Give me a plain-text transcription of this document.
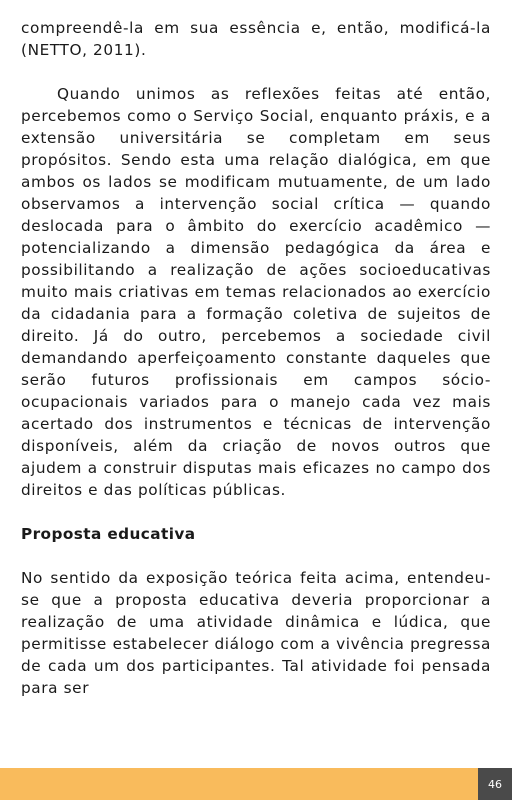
compreendê-la em sua essência e, então, modificá-la (NETTO, 2011).

Quando unimos as reflexões feitas até então, percebemos como o Serviço Social, enquanto práxis, e a extensão universitária se completam em seus propósitos. Sendo esta uma relação dialógica, em que ambos os lados se modificam mutuamente, de um lado observamos a intervenção social crítica — quando deslocada para o âmbito do exercício acadêmico — potencializando a dimensão pedagógica da área e possibilitando a realização de ações socioeducativas muito mais criativas em temas relacionados ao exercício da cidadania para a formação coletiva de sujeitos de direito. Já do outro, percebemos a sociedade civil demandando aperfeiçoamento constante daqueles que serão futuros profissionais em campos sócio-ocupacionais variados para o manejo cada vez mais acertado dos instrumentos e técnicas de intervenção disponíveis, além da criação de novos outros que ajudem a construir disputas mais eficazes no campo dos direitos e das políticas públicas.

Proposta educativa

No sentido da exposição teórica feita acima, entendeu-se que a proposta educativa deveria proporcionar a realização de uma atividade dinâmica e lúdica, que permitisse estabelecer diálogo com a vivência pregressa de cada um dos participantes. Tal atividade foi pensada para ser

46
